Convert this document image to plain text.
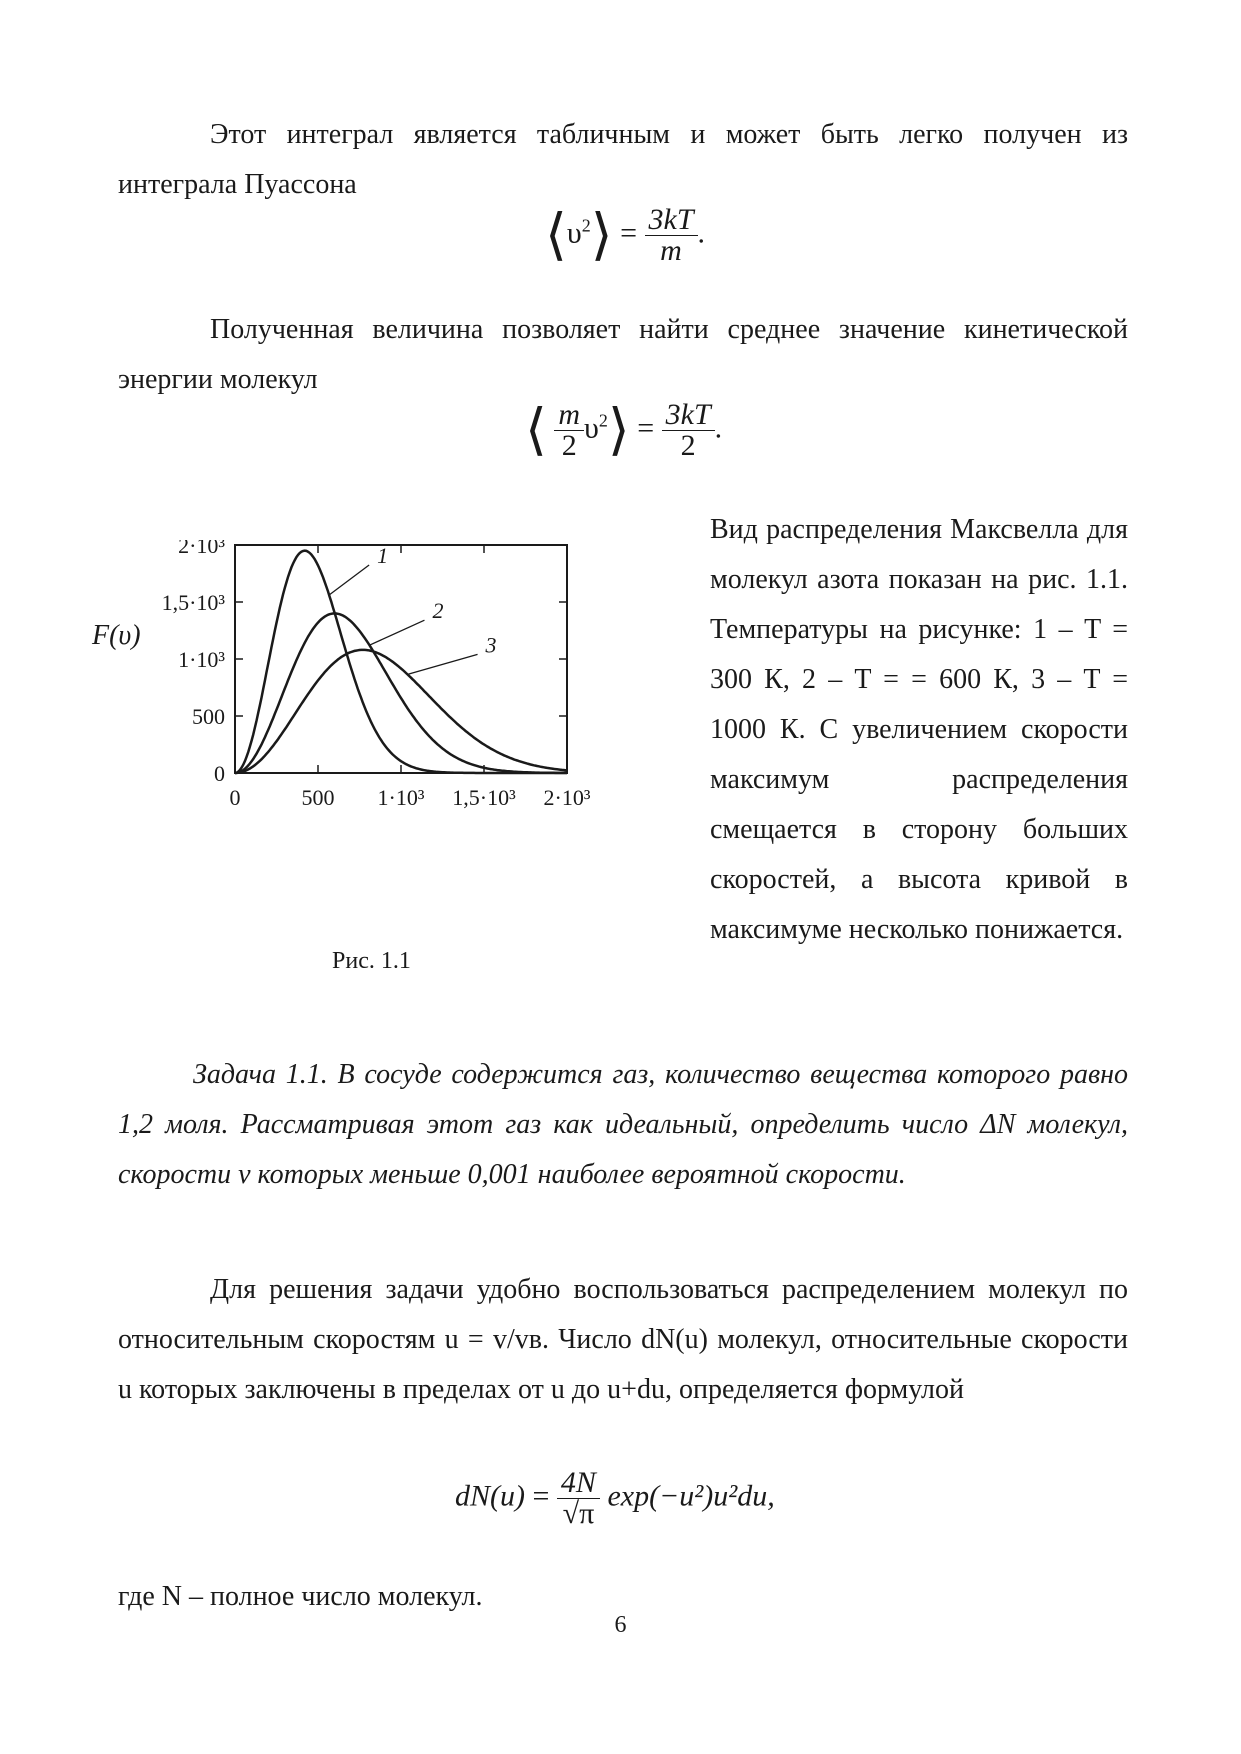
Этот интеграл является табличным и может быть легко получен из интеграла Пуассона

$⟨\upsilon^2⟩ = \frac{3kT}{m}$ .

Полученная величина позволяет найти среднее значение кинетической энергии молекул

⟨ $\frac{m}{2}$ $\upsilon^2⟩ = \frac{3kT}{2}$ .
0
0
500
500
1·10³
1·10³
1,5·10³
1,5·10³
2·10³
2·10³	1
2
3
F(υ)
Рис. 1.1

Вид распределения Максвелла для молекул азота показан на рис. 1.1. Температуры на рисунке: 1 – T = 300 К, 2 – T = = 600 К, 3 – T = 1000 К. С увеличением скорости максимум распределения смещается в сторону больших скоростей, а высота кривой в максимуме несколько понижается.

Задача 1.1. В сосуде содержится газ, количество вещества которого равно 1,2 моля. Рассматривая этот газ как идеальный, определить число ΔN молекул, скорости v которых меньше 0,001 наиболее вероятной скорости.

Для решения задачи удобно воспользоваться распределением молекул по относительным скоростям u = v/vв. Число dN(u) молекул, относительные скорости u которых заключены в пределах от u до u+du, определяется формулой

$dN(u) = \frac{4N}{√\pi} \exp(-u^2)u^2du$,

где N – полное число молекул.

6
